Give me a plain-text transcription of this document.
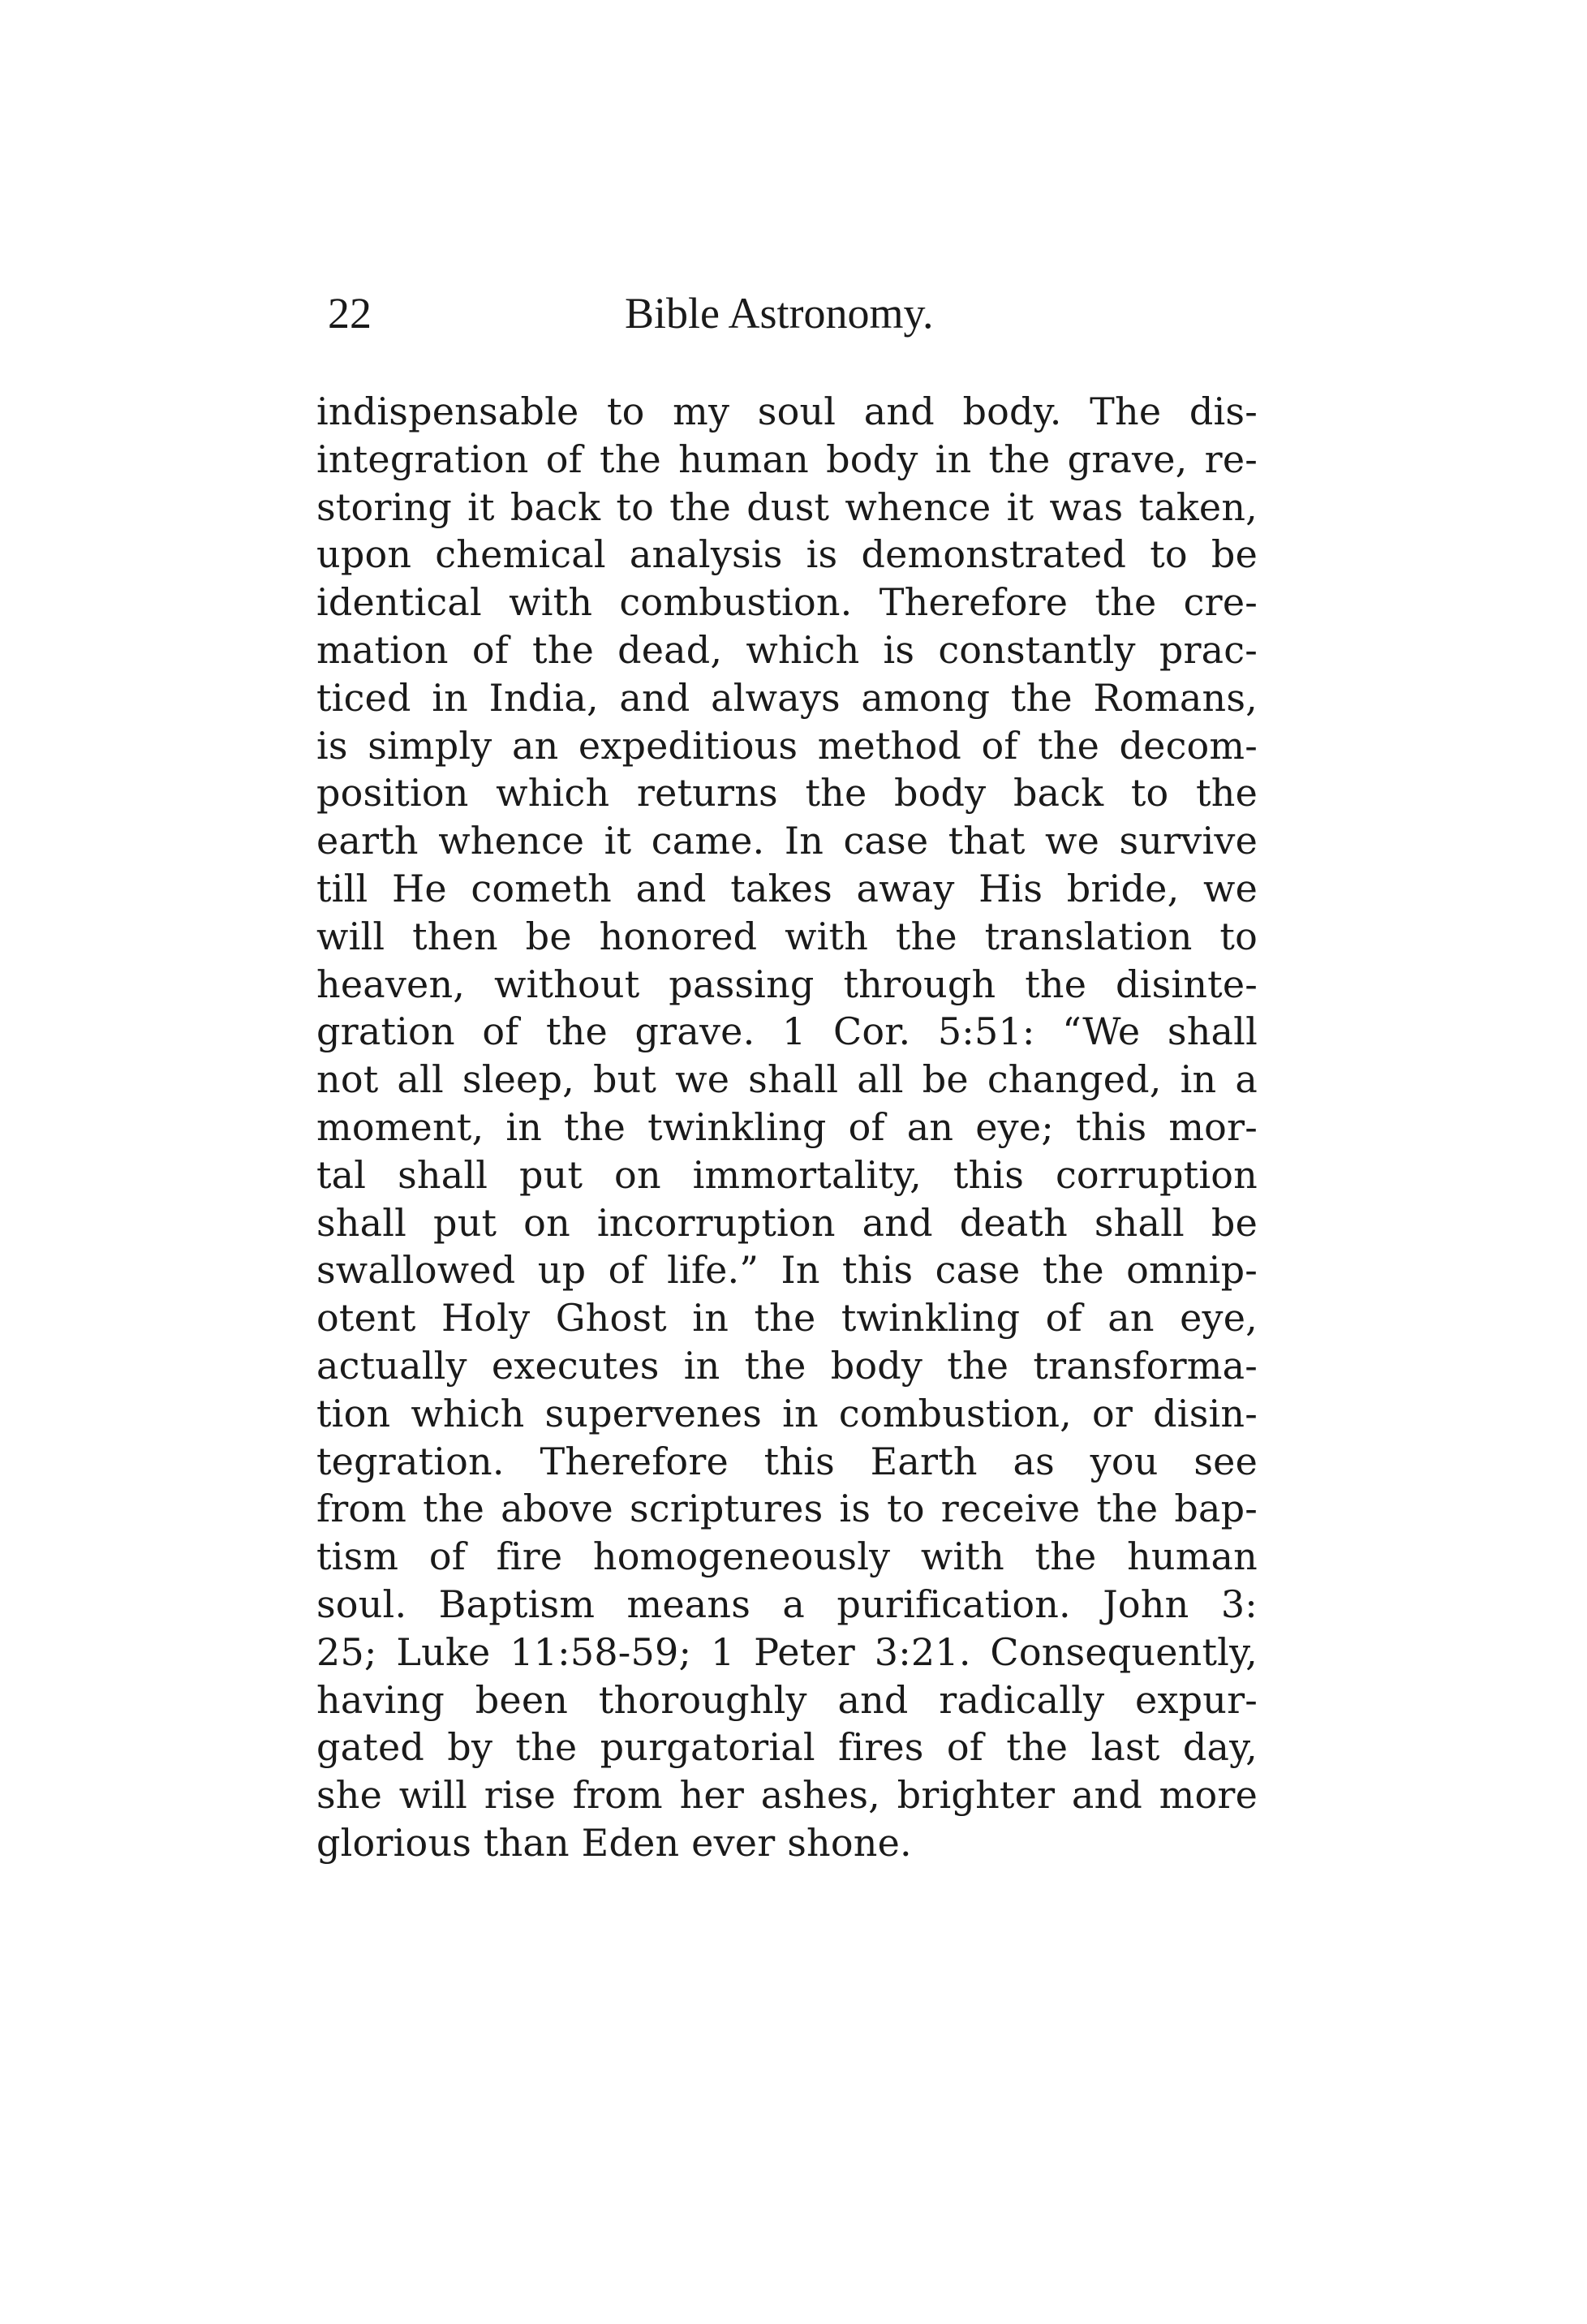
22	Bible Astronomy.
indispensable to my soul and body. The dis-
integration of the human body in the grave, re-
storing it back to the dust whence it was taken,
upon chemical analysis is demonstrated to be
identical with combustion. Therefore the cre-
mation of the dead, which is constantly prac-
ticed in India, and always among the Romans,
is simply an expeditious method of the decom-
position which returns the body back to the
earth whence it came. In case that we survive
till He cometh and takes away His bride, we
will then be honored with the translation to
heaven, without passing through the disinte-
gration of the grave. 1 Cor. 5:51: “We shall
not all sleep, but we shall all be changed, in a
moment, in the twinkling of an eye; this mor-
tal shall put on immortality, this corruption
shall put on incorruption and death shall be
swallowed up of life.” In this case the omnip-
otent Holy Ghost in the twinkling of an eye,
actually executes in the body the transforma-
tion which supervenes in combustion, or disin-
tegration. Therefore this Earth as you see
from the above scriptures is to receive the bap-
tism of fire homogeneously with the human
soul. Baptism means a purification. John 3:
25; Luke 11:58-59; 1 Peter 3:21. Consequently,
having been thoroughly and radically expur-
gated by the purgatorial fires of the last day,
she will rise from her ashes, brighter and more
glorious than Eden ever shone.
